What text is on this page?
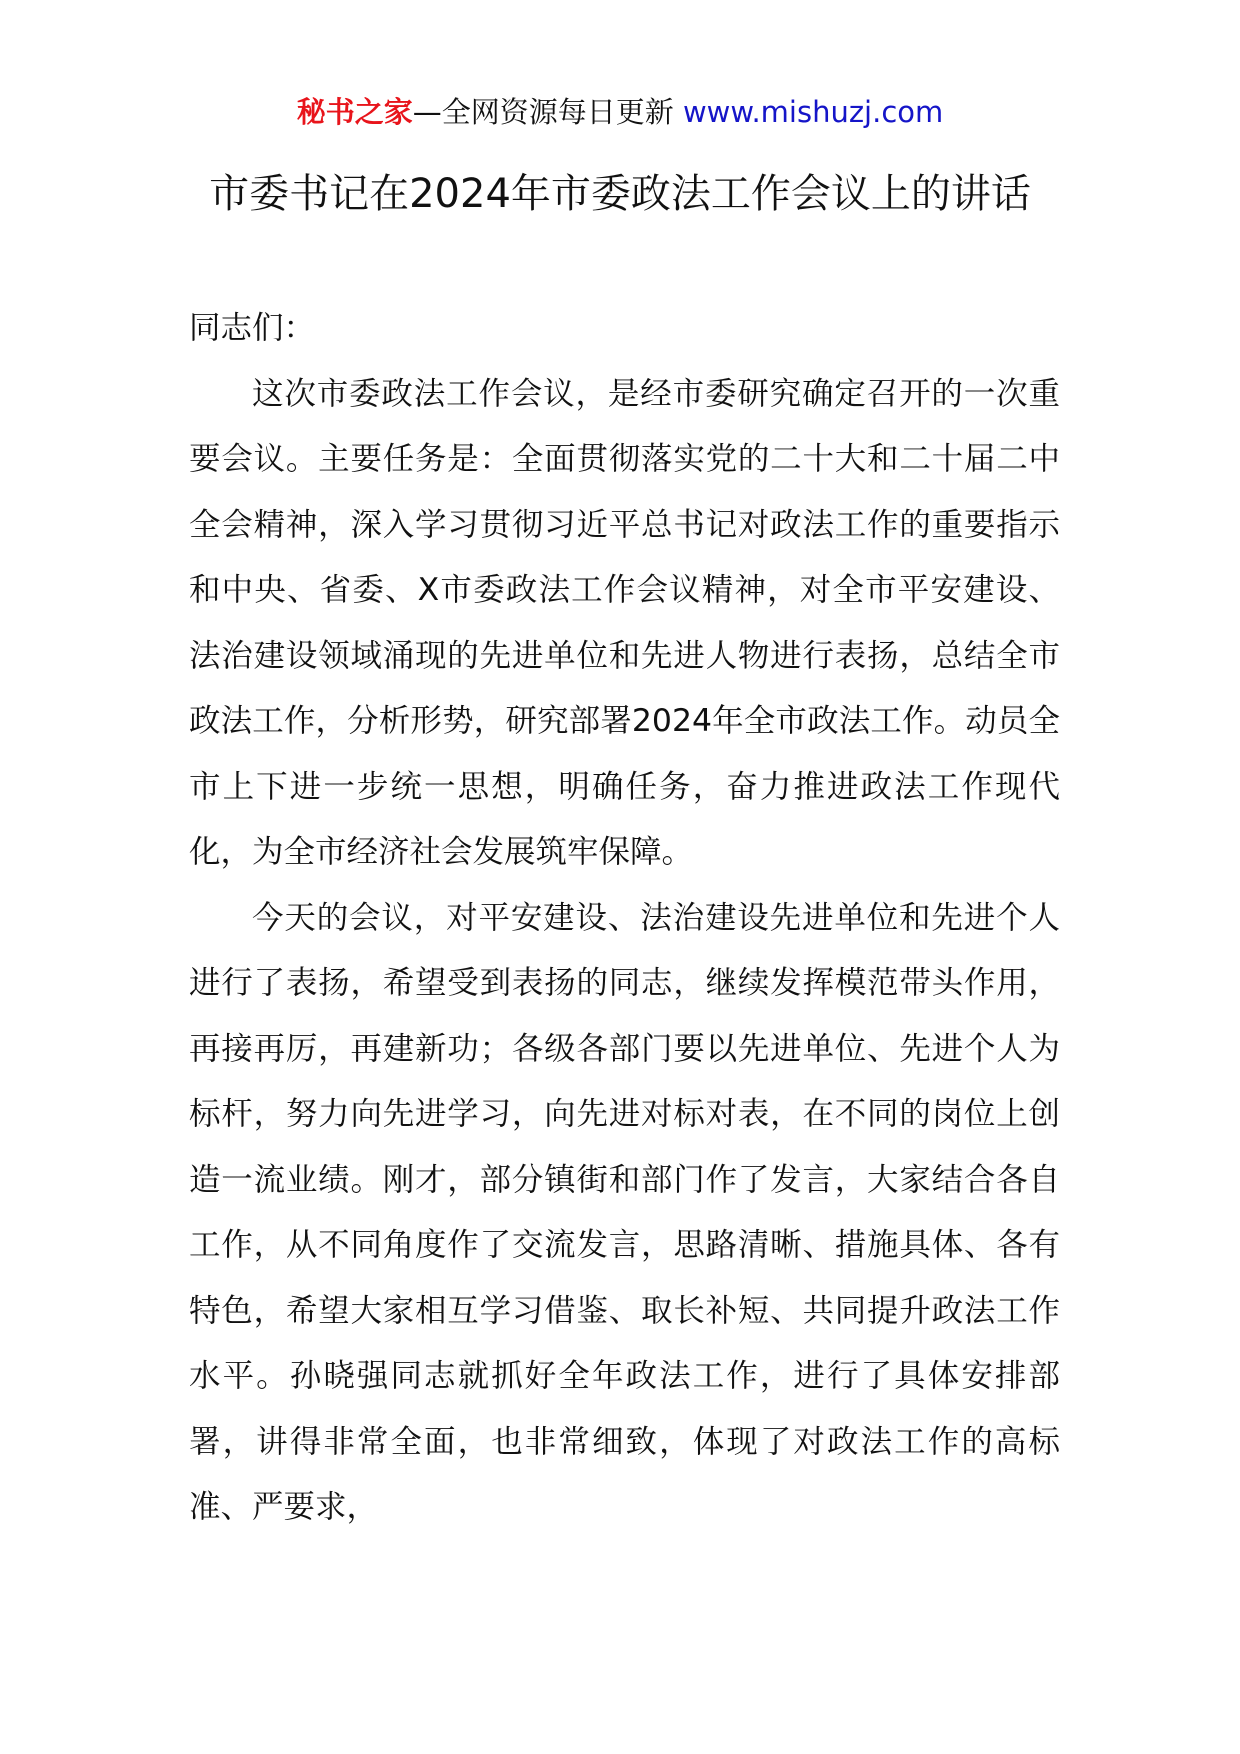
秘书之家—全网资源每日更新 www.mishuzj.com
市委书记在2024年市委政法工作会议上的讲话

同志们：

这次市委政法工作会议，是经市委研究确定召开的一次重要会议。主要任务是：全面贯彻落实党的二十大和二十届二中全会精神，深入学习贯彻习近平总书记对政法工作的重要指示和中央、省委、X市委政法工作会议精神，对全市平安建设、法治建设领域涌现的先进单位和先进人物进行表扬，总结全市政法工作，分析形势，研究部署2024年全市政法工作。动员全市上下进一步统一思想，明确任务，奋力推进政法工作现代化，为全市经济社会发展筑牢保障。

今天的会议，对平安建设、法治建设先进单位和先进个人进行了表扬，希望受到表扬的同志，继续发挥模范带头作用，再接再厉，再建新功；各级各部门要以先进单位、先进个人为标杆，努力向先进学习，向先进对标对表，在不同的岗位上创造一流业绩。刚才，部分镇街和部门作了发言，大家结合各自工作，从不同角度作了交流发言，思路清晰、措施具体、各有特色，希望大家相互学习借鉴、取长补短、共同提升政法工作水平。孙晓强同志就抓好全年政法工作，进行了具体安排部署，讲得非常全面，也非常细致，体现了对政法工作的高标准、严要求，
